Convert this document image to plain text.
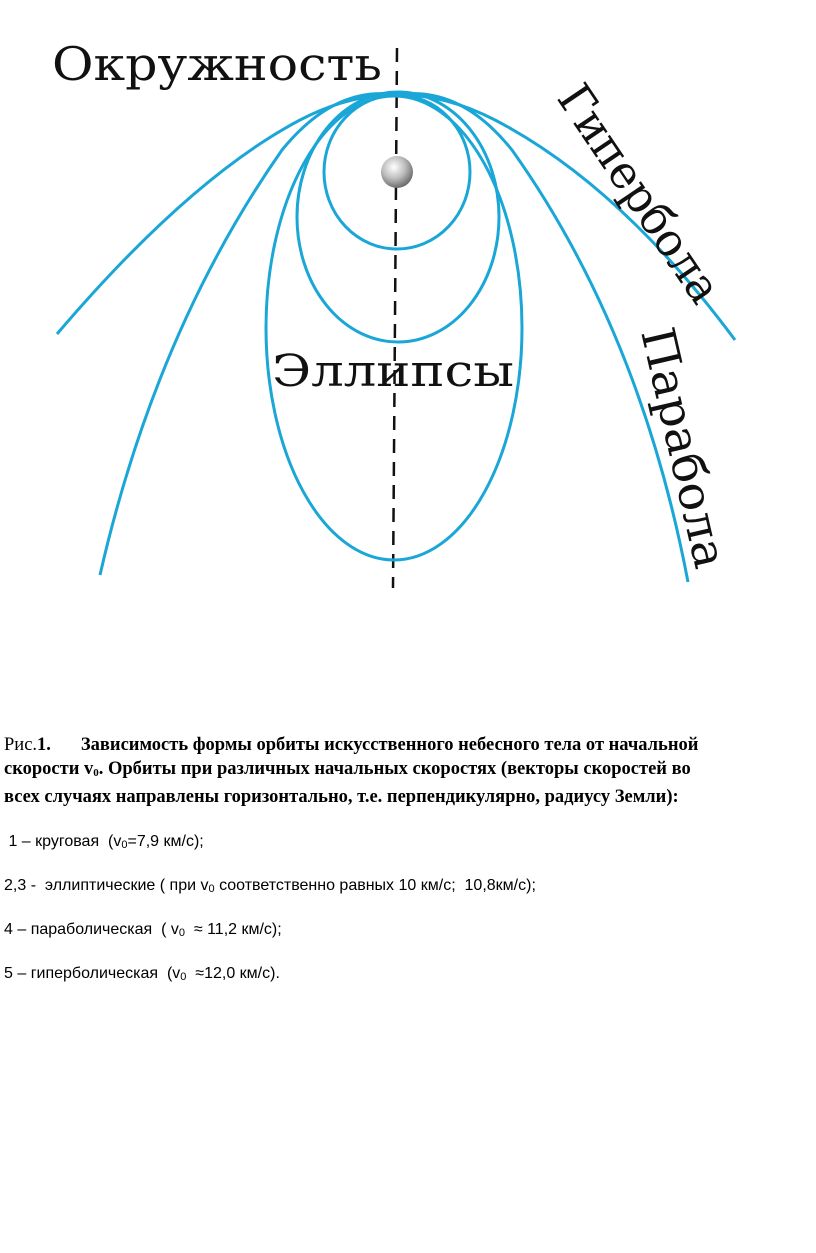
Окружность
Эллипсы
Гипербола
Парабола
Рис.1. Зависимость формы орбиты искусственного небесного тела от начальной
скорости $v_0$. Орбиты при различных начальных скоростях (векторы скоростей во
всех случаях направлены горизонтально, т.е. перпендикулярно, радиусу Земли):
1 – круговая  ($v_0=7,9$ км/с);
2,3 -  эллиптические ( при $v_0$ соответственно равных 10 км/с;  10,8км/с);
4 – параболическая  ( $v_0 \approx 11,2$ км/с);
5 – гиперболическая  ($v_0 \approx 12,0$ км/с).
